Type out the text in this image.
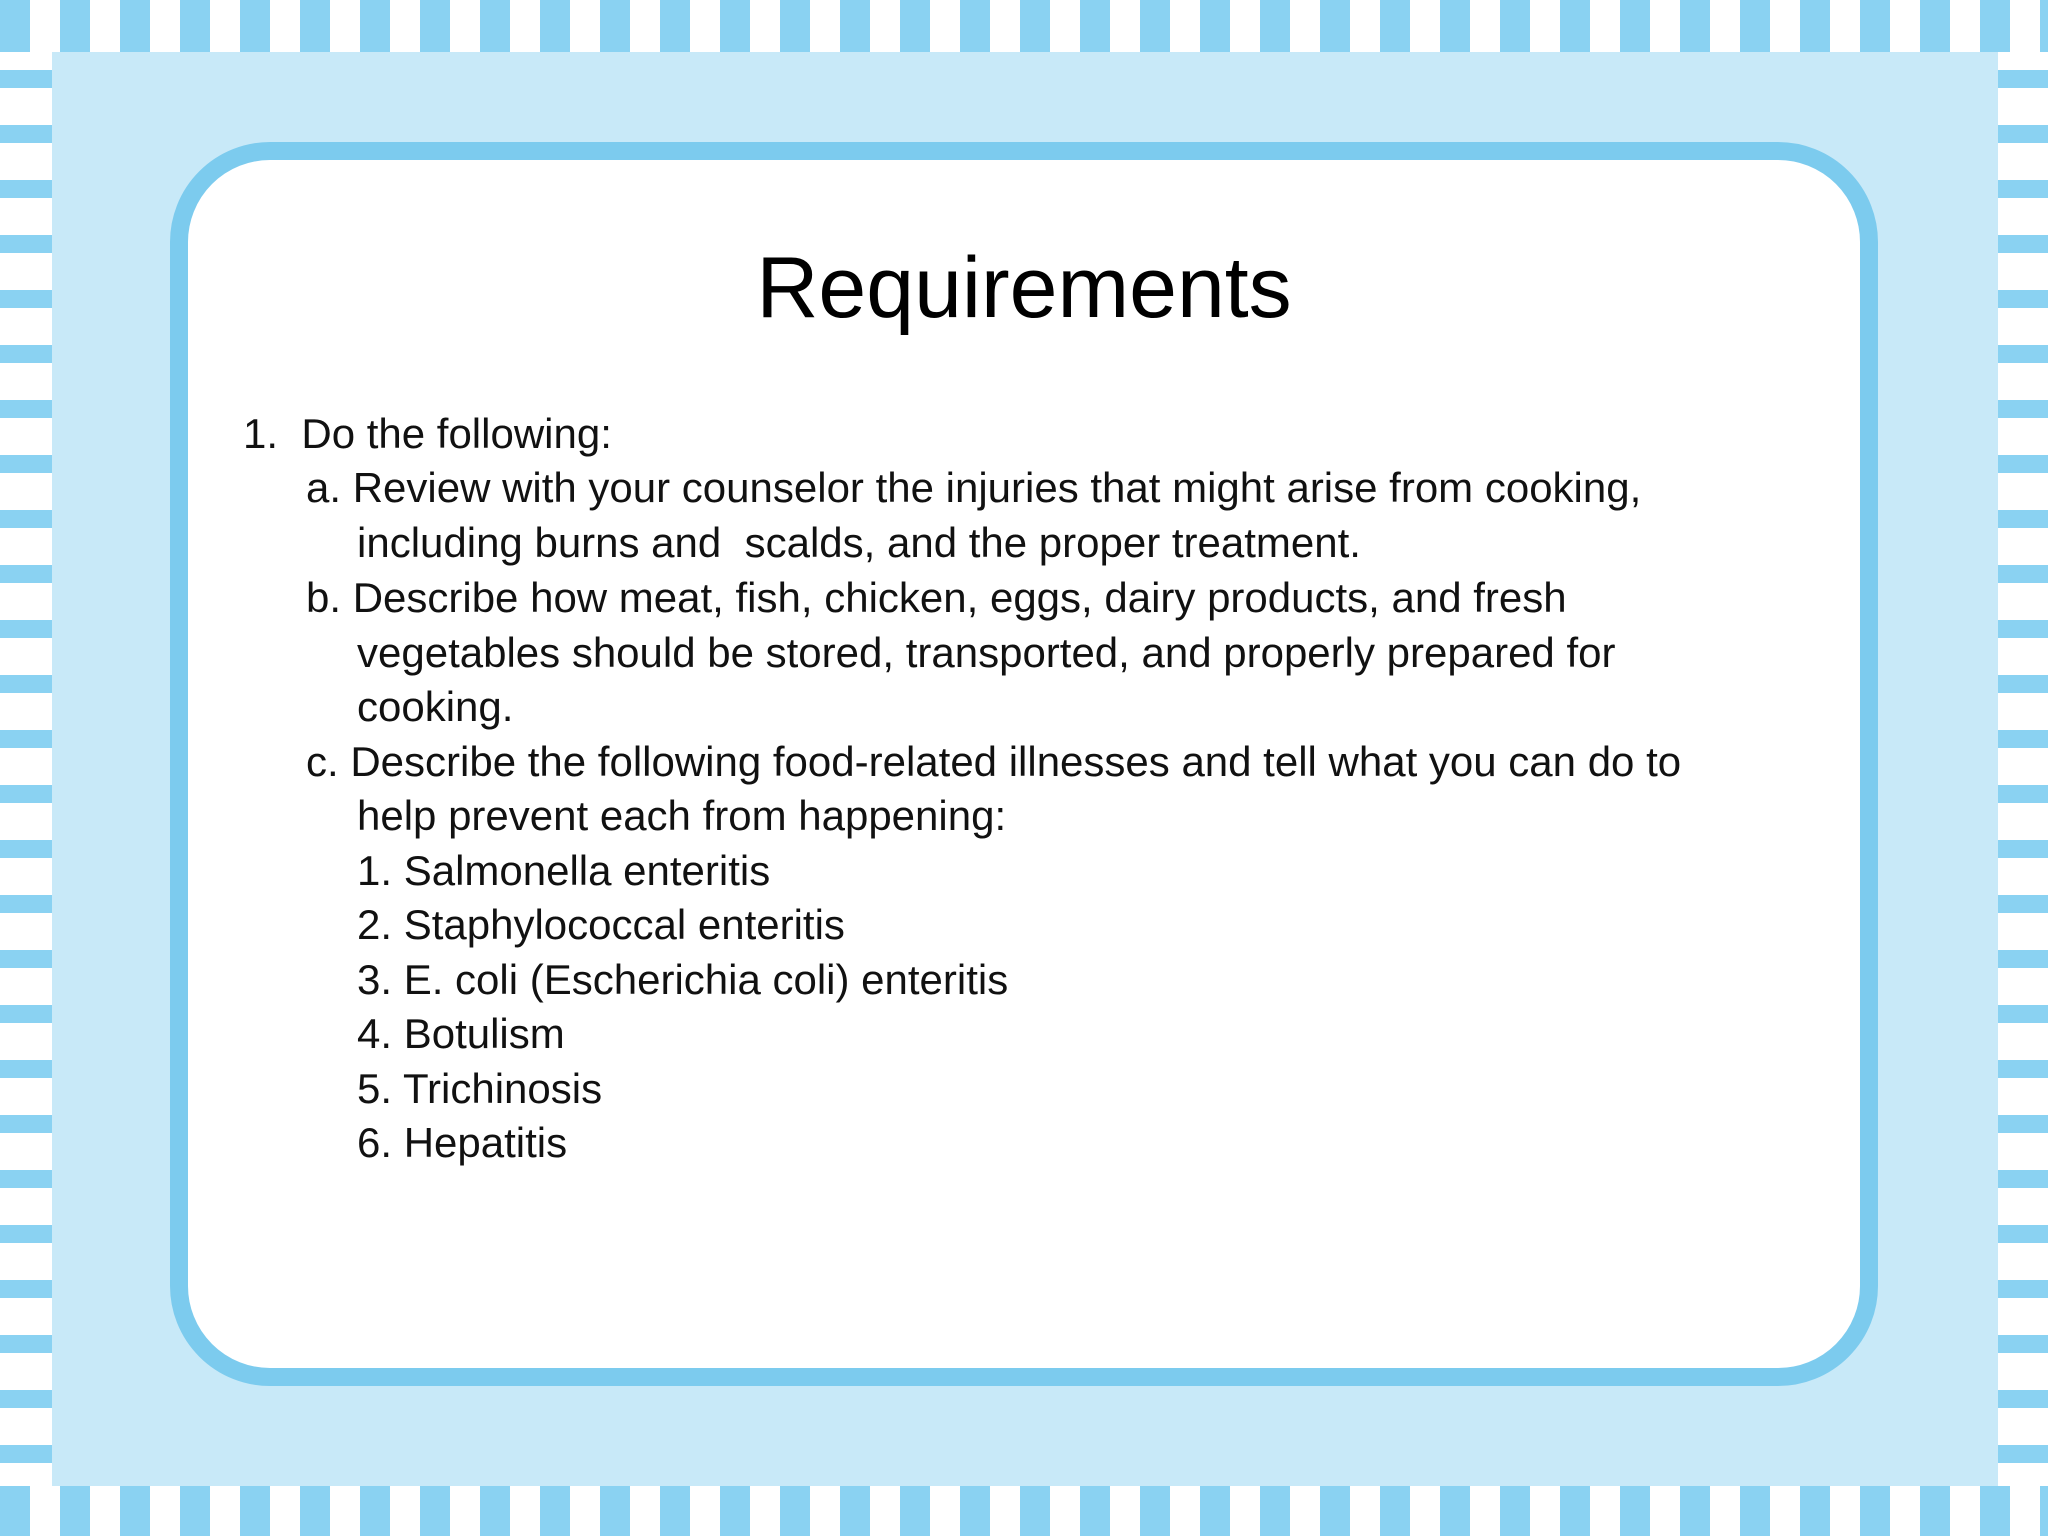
Requirements

1.  Do the following:

a. Review with your counselor the injuries that might arise from cooking,

including burns and  scalds, and the proper treatment.

b. Describe how meat, fish, chicken, eggs, dairy products, and fresh

vegetables should be stored, transported, and properly prepared for

cooking.

c. Describe the following food-related illnesses and tell what you can do to

help prevent each from happening:

1. Salmonella enteritis

2. Staphylococcal enteritis

3. E. coli (Escherichia coli) enteritis

4. Botulism

5. Trichinosis

6. Hepatitis
